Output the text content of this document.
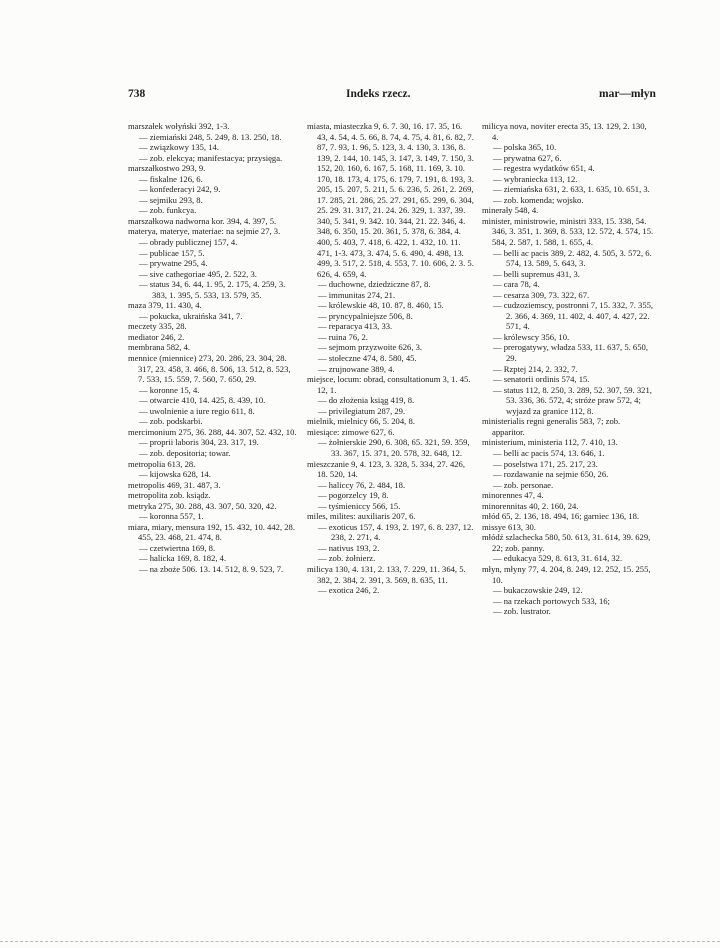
738	Indeks rzecz.	mar—młyn

marszałek wołyński 392, 1-3.

— ziemiański 248, 5. 249, 8. 13. 250, 18.

— związkowy 135, 14.

— zob. elekcya; manifestacya; przysięga.

marszałkostwo 293, 9.

— fiskalne 126, 6.

— konfederacyi 242, 9.

— sejmiku 293, 8.

— zob. funkcya.

marszałkowa nadworna kor. 394, 4. 397, 5.

materya, materye, materiae: na sejmie 27, 3.

— obrady publicznej 157, 4.

— publicae 157, 5.

— prywatne 295, 4.

— sive cathegoriae 495, 2. 522, 3.

— status 34, 6. 44, 1. 95, 2. 175, 4. 259, 3. 383, 1. 395, 5. 533, 13. 579, 35.

maza 379, 11. 430, 4.

— pokucka, ukraińska 341, 7.

meczety 335, 28.

mediator 246, 2.

membrana 582, 4.

mennice (miennice) 273, 20. 286, 23. 304, 28. 317, 23. 458, 3. 466, 8. 506, 13. 512, 8. 523, 7. 533, 15. 559, 7. 560, 7. 650, 29.

— koronne 15, 4.

— otwarcie 410, 14. 425, 8. 439, 10.

— uwolnienie a iure regio 611, 8.

— zob. podskarbi.

mercimonium 275, 36. 288, 44. 307, 52. 432, 10.

— proprii laboris 304, 23. 317, 19.

— zob. depositoria; towar.

metropolia 613, 28.

— kijowska 628, 14.

metropolis 469, 31. 487, 3.

metropolita zob. ksiądz.

metryka 275, 30. 288, 43. 307, 50. 320, 42.

— koronna 557, 1.

miara, miary, mensura 192, 15. 432, 10. 442, 28. 455, 23. 468, 21. 474, 8.

— czetwiertna 169, 8.

— halicka 169, 8. 182, 4.

— na zboże 506. 13. 14. 512, 8. 9. 523, 7.

miasta, miasteczka 9, 6. 7. 30, 16. 17. 35, 16. 43, 4. 54, 4. 5. 66, 8. 74, 4. 75, 4. 81, 6. 82, 7. 87, 7. 93, 1. 96, 5. 123, 3. 4. 130, 3. 136, 8. 139, 2. 144, 10. 145, 3. 147, 3. 149, 7. 150, 3. 152, 20. 160, 6. 167, 5. 168, 11. 169, 3. 10. 170, 18. 173, 4. 175, 6. 179, 7. 191, 8. 193, 3. 205, 15. 207, 5. 211, 5. 6. 236, 5. 261, 2. 269, 17. 285, 21. 286, 25. 27. 291, 65. 299, 6. 304, 25. 29. 31. 317, 21. 24. 26. 329, 1. 337, 39. 340, 5. 341, 9. 342. 10. 344, 21. 22. 346, 4. 348, 6. 350, 15. 20. 361, 5. 378, 6. 384, 4. 400, 5. 403, 7. 418, 6. 422, 1. 432, 10. 11. 471, 1-3. 473, 3. 474, 5. 6. 490, 4. 498, 13. 499, 3. 517, 2. 518, 4. 553, 7. 10. 606, 2. 3. 5. 626, 4. 659, 4.

— duchowne, dziedziczne 87, 8.

— immunitas 274, 21.

— królewskie 48, 10. 87, 8. 460, 15.

— pryncypalniejsze 506, 8.

— reparacya 413, 33.

— ruina 76, 2.

— sejmom przyzwoite 626, 3.

— stołeczne 474, 8. 580, 45.

— zrujnowane 389, 4.

miejsce, locum: obrad, consultationum 3, 1. 45. 12, 1.

— do złożenia ksiąg 419, 8.

— privilegiatum 287, 29.

mielnik, mielnicy 66, 5. 204, 8.

miesiące: zimowe 627, 6.

— żołnierskie 290, 6. 308, 65. 321, 59. 359, 33. 367, 15. 371, 20. 578, 32. 648, 12.

mieszczanie 9, 4. 123, 3. 328, 5. 334, 27. 426, 18. 520, 14.

— haliccy 76, 2. 484, 18.

— pogorzelcy 19, 8.

— tyśmieniccy 566, 15.

miles, milites: auxiliaris 207, 6.

— exoticus 157, 4. 193, 2. 197, 6. 8. 237, 12. 238, 2. 271, 4.

— nativus 193, 2.

— zob. żołnierz.

milicya 130, 4. 131, 2. 133, 7. 229, 11. 364, 5. 382, 2. 384, 2. 391, 3. 569, 8. 635, 11.

— exotica 246, 2.

milicya nova, noviter erecta 35, 13. 129, 2. 130, 4.

— polska 365, 10.

— prywatna 627, 6.

— regestra wydatków 651, 4.

— wybraniecka 113, 12.

— ziemiańska 631, 2. 633, 1. 635, 10. 651, 3.

— zob. komenda; wojsko.

minerały 548, 4.

minister, ministrowie, ministri 333, 15. 338, 54. 346, 3. 351, 1. 369, 8. 533, 12. 572, 4. 574, 15. 584, 2. 587, 1. 588, 1. 655, 4.

— belli ac pacis 389, 2. 482, 4. 505, 3. 572, 6. 574, 13. 589, 5. 643, 3.

— belli supremus 431, 3.

— cara 78, 4.

— cesarza 309, 73. 322, 67.

— cudzoziemscy, postronni 7, 15. 332, 7. 355, 2. 366, 4. 369, 11. 402, 4. 407, 4. 427, 22. 571, 4.

— królewscy 356, 10.

— prerogatywy, władza 533, 11. 637, 5. 650, 29.

— Rzptej 214, 2. 332, 7.

— senatorii ordinis 574, 15.

— status 112, 8. 250, 3. 289, 52. 307, 59. 321, 53. 336, 36. 572, 4; stróże praw 572, 4; wyjazd za granice 112, 8.

ministerialis regni generalis 583, 7; zob. apparitor.

ministerium, ministeria 112, 7. 410, 13.

— belli ac pacis 574, 13. 646, 1.

— poselstwa 171, 25. 217, 23.

— rozdawanie na sejmie 650, 26.

— zob. personae.

minorennes 47, 4.

minorennitas 40, 2. 160, 24.

młód 65, 2. 136, 18. 494, 16; garniec 136, 18.

missye 613, 30.

młódź szlachecka 580, 50. 613, 31. 614, 39. 629, 22; zob. panny.

— edukacya 529, 8. 613, 31. 614, 32.

młyn, młyny 77, 4. 204, 8. 249, 12. 252, 15. 255, 10.

— bukaczowskie 249, 12.

— na rzekach portowych 533, 16;

— zob. lustrator.
